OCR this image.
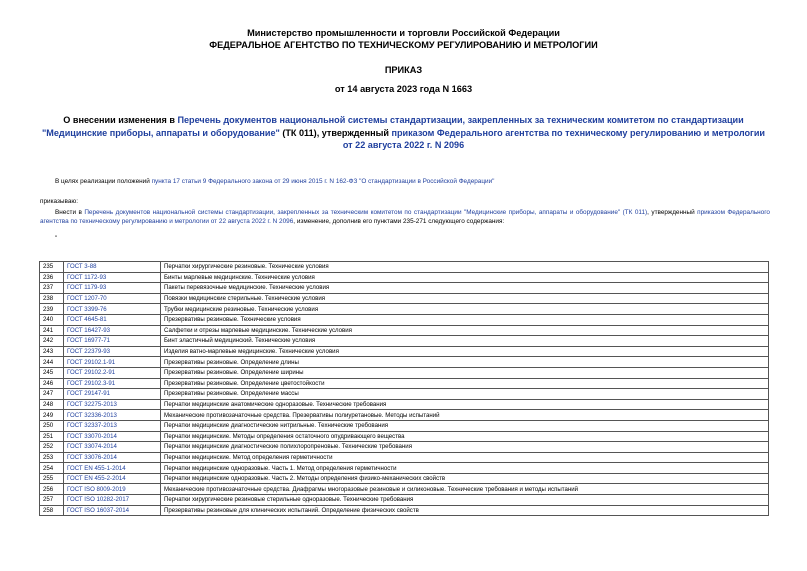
Министерство промышленности и торговли Российской Федерации
ФЕДЕРАЛЬНОЕ АГЕНТСТВО ПО ТЕХНИЧЕСКОМУ РЕГУЛИРОВАНИЮ И МЕТРОЛОГИИ
ПРИКАЗ
от 14 августа 2023 года N 1663
О внесении изменения в Перечень документов национальной системы стандартизации, закрепленных за техническим комитетом по стандартизации "Медицинские приборы, аппараты и оборудование" (ТК 011), утвержденный приказом Федерального агентства по техническому регулированию и метрологии от 22 августа 2022 г. N 2096
В целях реализации положений пункта 17 статьи 9 Федерального закона от 29 июня 2015 г. N 162-ФЗ "О стандартизации в Российской Федерации"
приказываю:
Внести в Перечень документов национальной системы стандартизации, закрепленных за техническим комитетом по стандартизации "Медицинские приборы, аппараты и оборудование" (ТК 011), утвержденный приказом Федерального агентства по техническому регулированию и метрологии от 22 августа 2022 г. N 2096, изменение, дополнив его пунктами 235-271 следующего содержания:
"
235	ГОСТ 3-88	Перчатки хирургические резиновые. Технические условия
236	ГОСТ 1172-93	Бинты марлевые медицинские. Технические условия
237	ГОСТ 1179-93	Пакеты перевязочные медицинские. Технические условия
238	ГОСТ 1207-70	Повязки медицинские стерильные. Технические условия
239	ГОСТ 3399-76	Трубки медицинские резиновые. Технические условия
240	ГОСТ 4645-81	Презервативы резиновые. Технические условия
241	ГОСТ 16427-93	Салфетки и отрезы марлевые медицинские. Технические условия
242	ГОСТ 16977-71	Бинт эластичный медицинский. Технические условия
243	ГОСТ 22379-93	Изделия ватно-марлевые медицинские. Технические условия
244	ГОСТ 29102.1-91	Презервативы резиновые. Определение длины
245	ГОСТ 29102.2-91	Презервативы резиновые. Определение ширины
246	ГОСТ 29102.3-91	Презервативы резиновые. Определение цветостойкости
247	ГОСТ 29147-91	Презервативы резиновые. Определение массы
248	ГОСТ 32275-2013	Перчатки медицинские анатомические одноразовые. Технические требования
249	ГОСТ 32336-2013	Механические противозачаточные средства. Презервативы полиуретановые. Методы испытаний
250	ГОСТ 32337-2013	Перчатки медицинские диагностические нитрильные. Технические требования
251	ГОСТ 33070-2014	Перчатки медицинские. Методы определения остаточного опудривающего вещества
252	ГОСТ 33074-2014	Перчатки медицинские диагностические полихлоропреновые. Технические требования
253	ГОСТ 33076-2014	Перчатки медицинские. Метод определения герметичности
254	ГОСТ EN 455-1-2014	Перчатки медицинские одноразовые. Часть 1. Метод определения герметичности
255	ГОСТ EN 455-2-2014	Перчатки медицинские одноразовые. Часть 2. Методы определения физико-механических свойств
256	ГОСТ ISO 8009-2019	Механические противозачаточные средства. Диафрагмы многоразовые резиновые и силиконовые. Технические требования и методы испытаний
257	ГОСТ ISO 10282-2017	Перчатки хирургические резиновые стерильные одноразовые. Технические требования
258	ГОСТ ISO 16037-2014	Презервативы резиновые для клинических испытаний. Определение физических свойств
